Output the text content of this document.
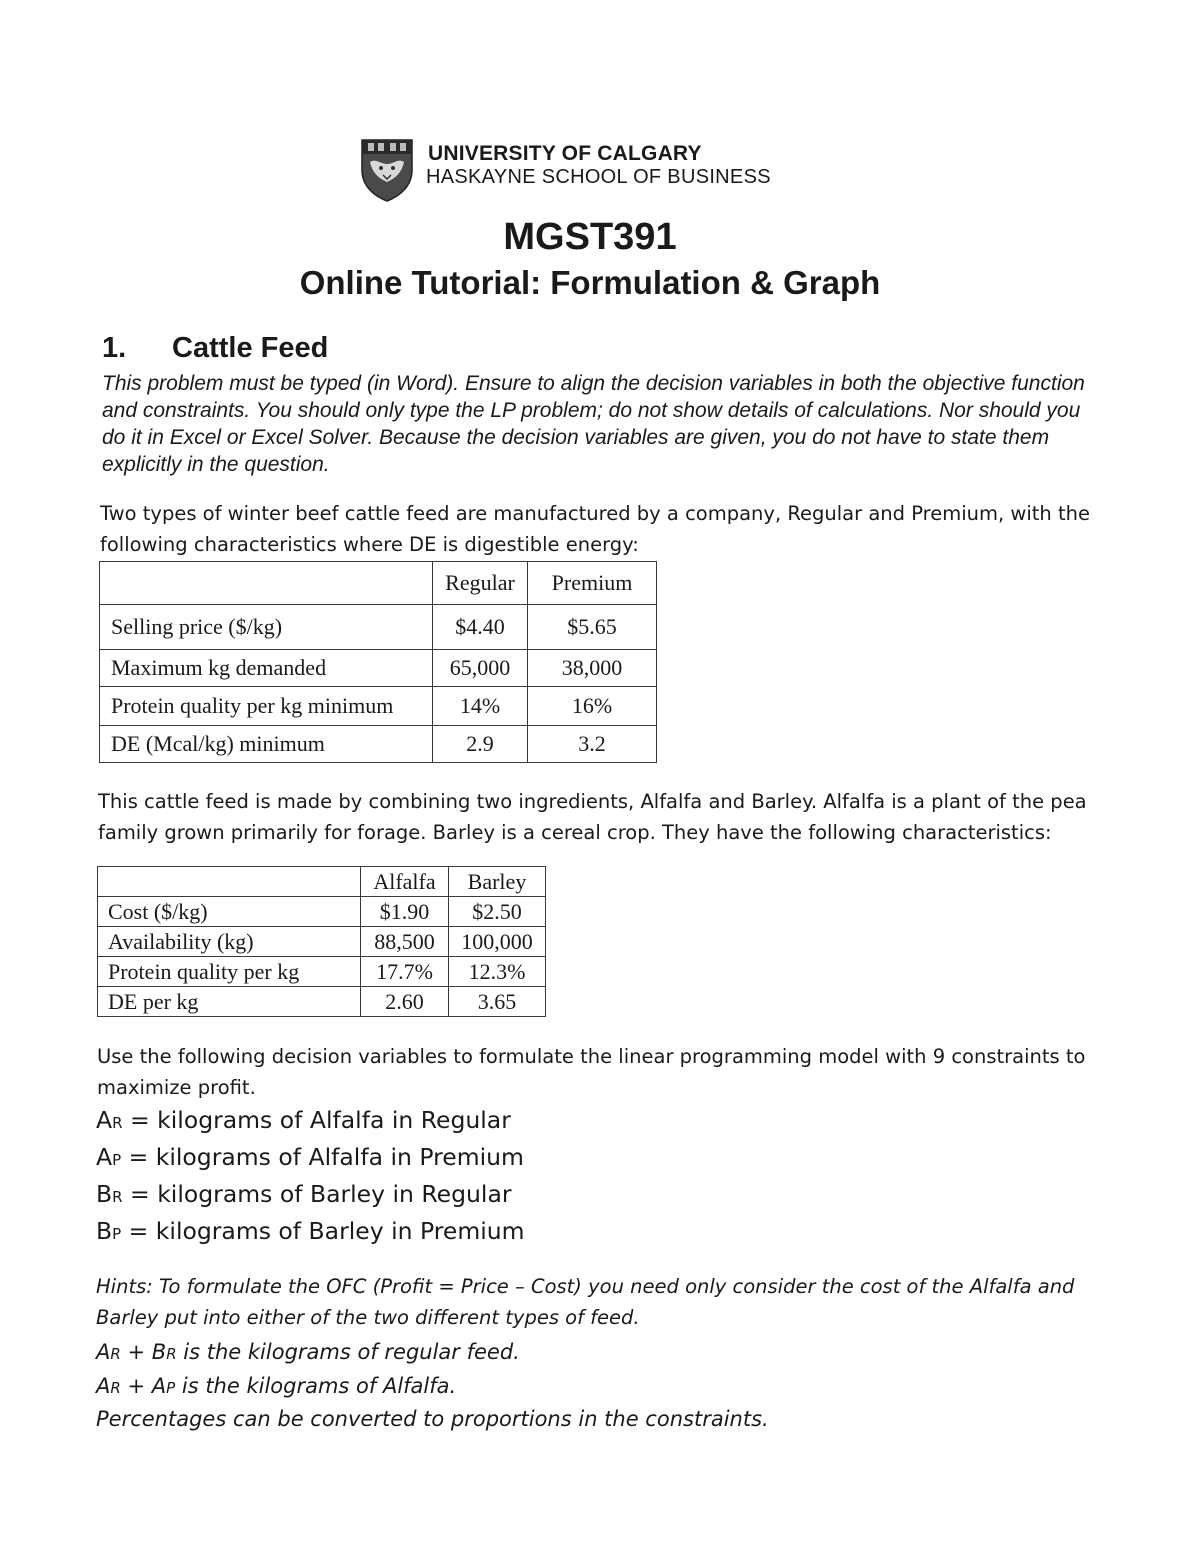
UNIVERSITY OF CALGARY
HASKAYNE SCHOOL OF BUSINESS
MGST391
Online Tutorial: Formulation & Graph
1. Cattle Feed
This problem must be typed (in Word). Ensure to align the decision variables in both the objective function and constraints. You should only type the LP problem; do not show details of calculations. Nor should you do it in Excel or Excel Solver. Because the decision variables are given, you do not have to state them explicitly in the question.
Two types of winter beef cattle feed are manufactured by a company, Regular and Premium, with the following characteristics where DE is digestible energy:
	Regular	Premium
Selling price ($/kg)	$4.40	$5.65
Maximum kg demanded	65,000	38,000
Protein quality per kg minimum	14%	16%
DE (Mcal/kg) minimum	2.9	3.2
This cattle feed is made by combining two ingredients, Alfalfa and Barley. Alfalfa is a plant of the pea family grown primarily for forage. Barley is a cereal crop. They have the following characteristics:
	Alfalfa	Barley
Cost ($/kg)	$1.90	$2.50
Availability (kg)	88,500	100,000
Protein quality per kg	17.7%	12.3%
DE per kg	2.60	3.65
Use the following decision variables to formulate the linear programming model with 9 constraints to maximize profit.
AR = kilograms of Alfalfa in Regular
AP = kilograms of Alfalfa in Premium
BR = kilograms of Barley in Regular
BP = kilograms of Barley in Premium
Hints: To formulate the OFC (Profit = Price – Cost) you need only consider the cost of the Alfalfa and
Barley put into either of the two different types of feed.
AR + BR is the kilograms of regular feed.
AR + AP is the kilograms of Alfalfa.
Percentages can be converted to proportions in the constraints.
